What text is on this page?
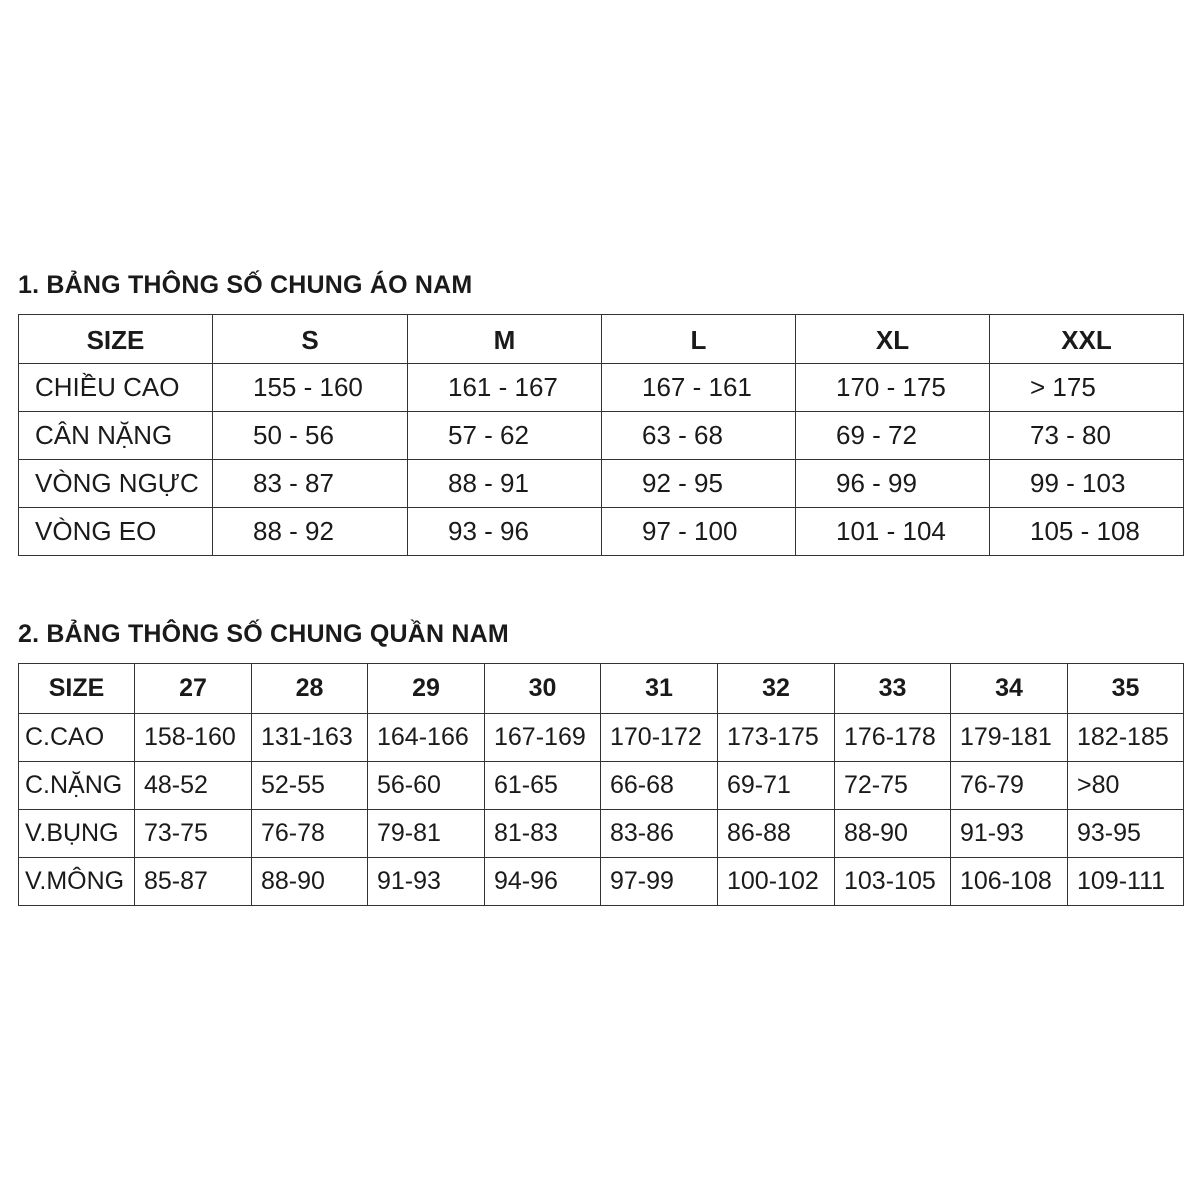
1. BẢNG THÔNG SỐ CHUNG ÁO NAM
SIZE	S	M	L	XL	XXL
CHIỀU CAO	155 - 160	161 - 167	167 - 161	170 - 175	> 175
CÂN NẶNG	50 - 56	57 - 62	63 - 68	69 - 72	73 - 80
VÒNG NGỰC	83 - 87	88 - 91	92 - 95	96 - 99	99 - 103
VÒNG EO	88 - 92	93 - 96	97 - 100	101 - 104	105 - 108
2. BẢNG THÔNG SỐ CHUNG QUẦN NAM
SIZE	27	28	29	30	31	32	33	34	35
C.CAO	158-160	131-163	164-166	167-169	170-172	173-175	176-178	179-181	182-185
C.NẶNG	48-52	52-55	56-60	61-65	66-68	69-71	72-75	76-79	>80
V.BỤNG	73-75	76-78	79-81	81-83	83-86	86-88	88-90	91-93	93-95
V.MÔNG	85-87	88-90	91-93	94-96	97-99	100-102	103-105	106-108	109-111
